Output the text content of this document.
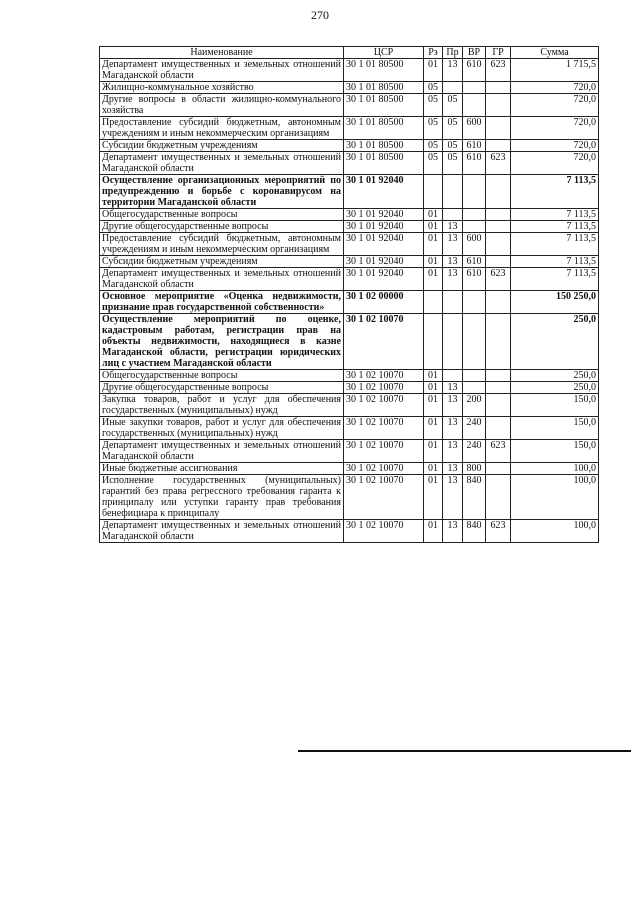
270
Наименование	ЦСР	Рз	Пр	ВР	ГР	Сумма
Департамент имущественных и земельных отношений Магаданской области	30 1 01 80500	01	13	610	623	1 715,5
Жилищно-коммунальное хозяйство	30 1 01 80500	05				720,0
Другие вопросы в области жилищно-коммунального хозяйства	30 1 01 80500	05	05			720,0
Предоставление субсидий бюджетным, автономным учреждениям и иным некоммерческим организациям	30 1 01 80500	05	05	600		720,0
Субсидии бюджетным учреждениям	30 1 01 80500	05	05	610		720,0
Департамент имущественных и земельных отношений Магаданской области	30 1 01 80500	05	05	610	623	720,0
Осуществление организационных мероприятий по предупреждению и борьбе с коронавирусом на территории Магаданской области	30 1 01 92040					7 113,5
Общегосударственные вопросы	30 1 01 92040	01				7 113,5
Другие общегосударственные вопросы	30 1 01 92040	01	13			7 113,5
Предоставление субсидий бюджетным, автономным учреждениям и иным некоммерческим организациям	30 1 01 92040	01	13	600		7 113,5
Субсидии бюджетным учреждениям	30 1 01 92040	01	13	610		7 113,5
Департамент имущественных и земельных отношений Магаданской области	30 1 01 92040	01	13	610	623	7 113,5
Основное мероприятие «Оценка недвижимости, признание прав государственной собственности»	30 1 02 00000					150 250,0
Осуществление мероприятий по оценке, кадастровым работам, регистрации прав на объекты недвижимости, находящиеся в казне Магаданской области, регистрации юридических лиц с участием Магаданской области	30 1 02 10070					250,0
Общегосударственные вопросы	30 1 02 10070	01				250,0
Другие общегосударственные вопросы	30 1 02 10070	01	13			250,0
Закупка товаров, работ и услуг для обеспечения государственных (муниципальных) нужд	30 1 02 10070	01	13	200		150,0
Иные закупки товаров, работ и услуг для обеспечения государственных (муниципальных) нужд	30 1 02 10070	01	13	240		150,0
Департамент имущественных и земельных отношений Магаданской области	30 1 02 10070	01	13	240	623	150,0
Иные бюджетные ассигнования	30 1 02 10070	01	13	800		100,0
Исполнение государственных (муниципальных) гарантий без права регрессного требования гаранта к принципалу или уступки гаранту прав требования бенефициара к принципалу	30 1 02 10070	01	13	840		100,0
Департамент имущественных и земельных отношений Магаданской области	30 1 02 10070	01	13	840	623	100,0
